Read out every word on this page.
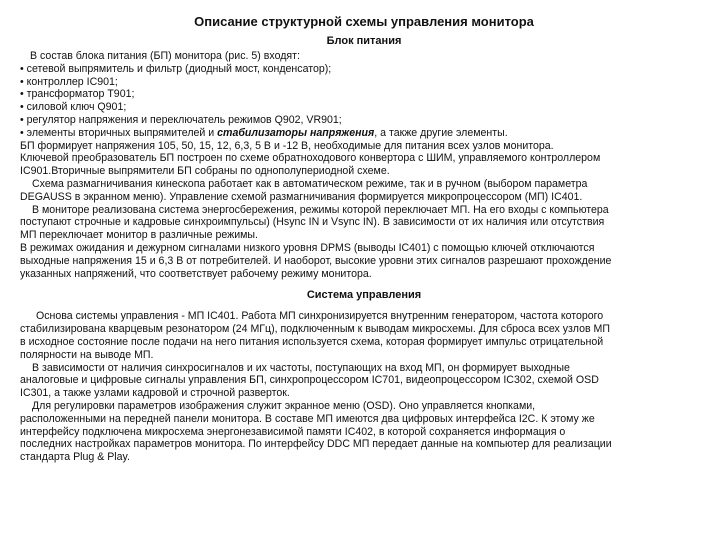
Описание структурной схемы управления монитора
Блок питания
В состав блока питания (БП) монитора (рис. 5) входят:
• сетевой выпрямитель и фильтр (диодный мост, конденсатор);
• контроллер IC901;
• трансформатор Т901;
• силовой ключ Q901;
• регулятор напряжения и переключатель режимов Q902, VR901;
• элементы вторичных выпрямителей и стабилизаторы напряжения, а также другие элементы.
БП формирует напряжения 105, 50, 15, 12, 6,3, 5 В и -12 В, необходимые для питания всех узлов монитора.
Ключевой преобразователь БП построен по схеме обратноходового конвертора с ШИМ, управляемого контроллером
IC901.Вторичные выпрямители БП собраны по однополупериодной схеме.
Схема размагничивания кинескопа работает как в автоматическом режиме, так и в ручном (выбором параметра
DEGAUSS в экранном меню). Управление схемой размагничивания формируется микропроцессором (МП) IC401.
В мониторе реализована система энергосбережения, режимы которой переключает МП. На его входы с компьютера
поступают строчные и кадровые синхроимпульсы) (Hsync IN и Vsync IN). В зависимости от их наличия или отсутствия
МП переключает монитор в различные режимы.
В режимах ожидания и дежурном сигналами низкого уровня DPMS (выводы IC401) с помощью ключей отключаются
выходные напряжения 15 и 6,3 В от потребителей. И наоборот, высокие уровни этих сигналов разрешают прохождение
указанных напряжений, что соответствует рабочему режиму монитора.
Система управления
Основа системы управления - МП IC401. Работа МП синхронизируется внутренним генератором, частота которого
стабилизирована кварцевым резонатором (24 МГц), подключенным к выводам микросхемы. Для сброса всех узлов МП
в исходное состояние после подачи на него питания используется схема, которая формирует импульс отрицательной
полярности на выводе МП.
В зависимости от наличия синхросигналов и их частоты, поступающих на вход МП, он формирует выходные
аналоговые и цифровые сигналы управления БП, синхропроцессором IC701, видеопроцессором IC302, схемой OSD
IC301, а также узлами кадровой и строчной разверток.
Для регулировки параметров изображения служит экранное меню (OSD). Оно управляется кнопками,
расположенными на передней панели монитора. В составе МП имеются два цифровых интерфейса I2C. К этому же
интерфейсу подключена микросхема энергонезависимой памяти IC402, в которой сохраняется информация о
последних настройках параметров монитора. По интерфейсу DDC МП передает данные на компьютер для реализации
стандарта Plug & Play.
